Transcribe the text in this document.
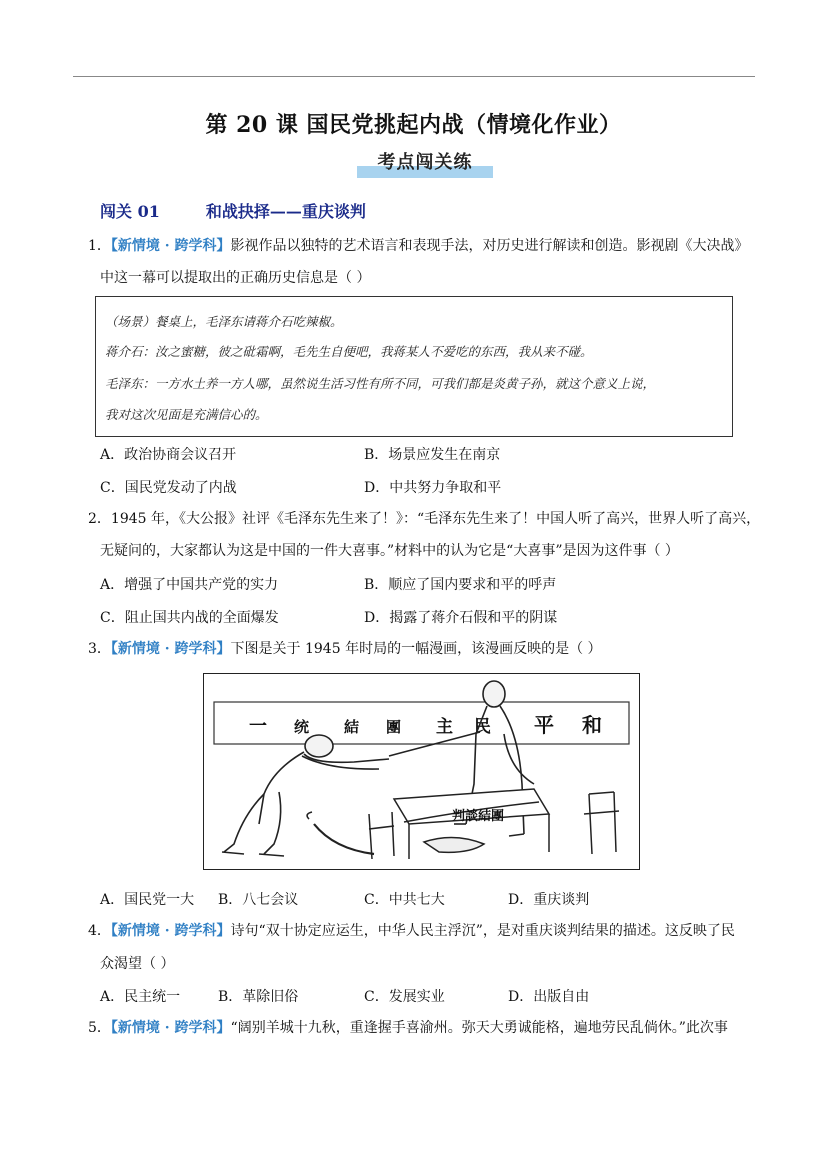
第 20 课 国民党挑起内战（情境化作业）
考点闯关练
闯关 01	和战抉择——重庆谈判
1．【新情境 · 跨学科】影视作品以独特的艺术语言和表现手法，对历史进行解读和创造。影视剧《大决战》
中这一幕可以提取出的正确历史信息是（ ）
（场景）餐桌上，毛泽东请蒋介石吃辣椒。
蒋介石：汝之蜜糖，彼之砒霜啊，毛先生自便吧，我蒋某人不爱吃的东西，我从来不碰。
毛泽东：一方水土养一方人哪，虽然说生活习性有所不同，可我们都是炎黄子孙，就这个意义上说，
我对这次见面是充满信心的。
A．政治协商会议召开	B．场景应发生在南京
C．国民党发动了内战	D．中共努力争取和平
2．1945 年，《大公报》社评《毛泽东先生来了！》：“毛泽东先生来了！中国人听了高兴，世界人听了高兴，
无疑问的，大家都认为这是中国的一件大喜事。”材料中的认为它是“大喜事”是因为这件事（ ）
A．增强了中国共产党的实力	B．顺应了国内要求和平的呼声
C．阻止国共内战的全面爆发	D．揭露了蒋介石假和平的阴谋
3．【新情境 · 跨学科】下图是关于 1945 年时局的一幅漫画，该漫画反映的是（ ）
一 统 結 團 主 民 平 和
判談結團
A．国民党一大 B．八七会议	C．中共七大	D．重庆谈判
4．【新情境 · 跨学科】诗句“双十协定应运生，中华人民主浮沉”，是对重庆谈判结果的描述。这反映了民
众渴望（ ）
A．民主统一	B．革除旧俗	C．发展实业	D．出版自由
5．【新情境 · 跨学科】“阔别羊城十九秋，重逢握手喜渝州。弥天大勇诚能格，遍地劳民乱倘休。”此次事
